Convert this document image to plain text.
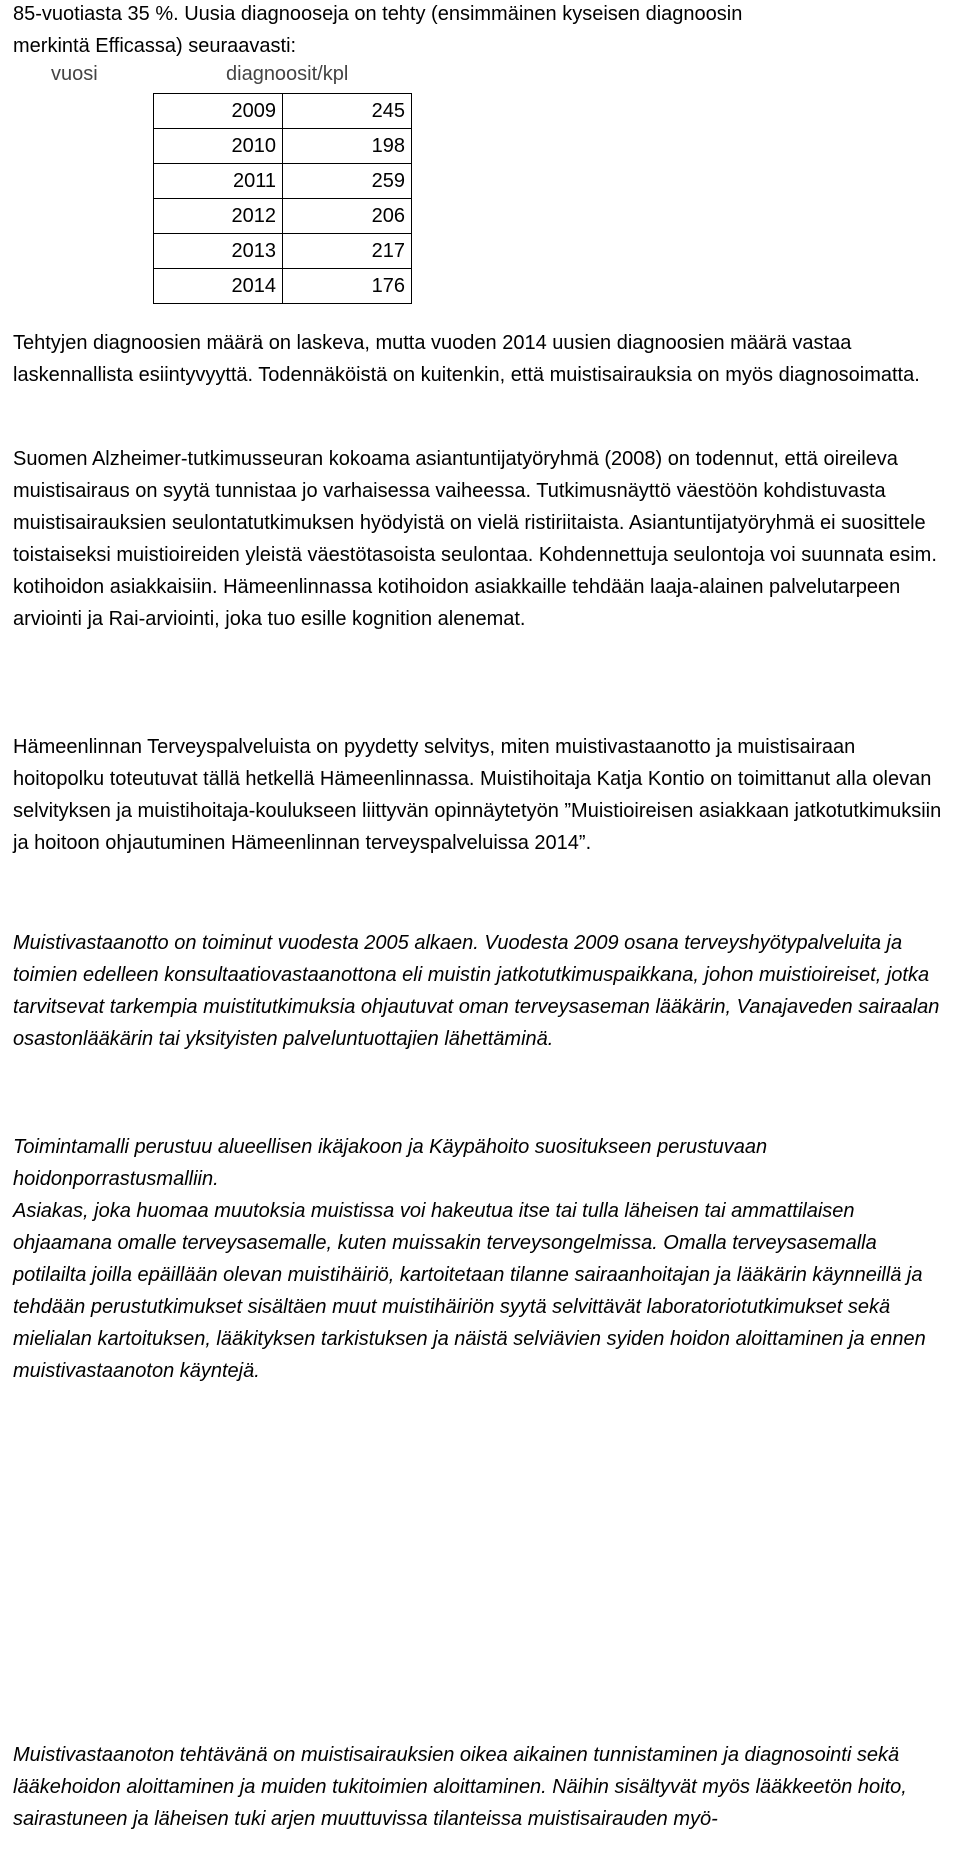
85-vuotiasta 35 %. Uusia diagnooseja on tehty (ensimmäinen kyseisen diagnoosin merkintä Efficassa) seuraavasti:

vuosi	diagnoosit/kpl
2009	245
2010	198
2011	259
2012	206
2013	217
2014	176

Tehtyjen diagnoosien määrä on laskeva, mutta vuoden 2014 uusien diagnoosien määrä vastaa laskennallista esiintyvyyttä. Todennäköistä on kuitenkin, että muistisairauksia on myös diagnosoimatta.

Suomen Alzheimer-tutkimusseuran kokoama asiantuntijatyöryhmä (2008) on todennut, että oireileva muistisairaus on syytä tunnistaa jo varhaisessa vaiheessa. Tutkimusnäyttö väestöön kohdistuvasta muistisairauksien seulontatutkimuksen hyödyistä on vielä ristiriitaista. Asiantuntijatyöryhmä ei suosittele toistaiseksi muistioireiden yleistä väestötasoista seulontaa. Kohdennettuja seulontoja voi suunnata esim. kotihoidon asiakkaisiin. Hämeenlinnassa kotihoidon asiakkaille tehdään laaja-alainen palvelutarpeen arviointi ja Rai-arviointi, joka tuo esille kognition alenemat.

Hämeenlinnan Terveyspalveluista on pyydetty selvitys, miten muistivastaanotto ja muistisairaan hoitopolku toteutuvat tällä hetkellä Hämeenlinnassa. Muistihoitaja Katja Kontio on toimittanut alla olevan selvityksen ja muistihoitaja-koulukseen liittyvän opinnäytetyön ”Muistioireisen asiakkaan jatkotutkimuksiin ja hoitoon ohjautuminen Hämeenlinnan terveyspalveluissa 2014”.

Muistivastaanotto on toiminut vuodesta 2005 alkaen. Vuodesta 2009 osana terveyshyötypalveluita ja toimien edelleen konsultaatiovastaanottona eli muistin jatkotutkimuspaikkana, johon muistioireiset, jotka tarvitsevat tarkempia muistitutkimuksia ohjautuvat oman terveysaseman lääkärin, Vanajaveden sairaalan osastonlääkärin tai yksityisten palveluntuottajien lähettäminä.

Toimintamalli perustuu alueellisen ikäjakoon ja Käypähoito suositukseen perustuvaan hoidonporrastusmalliin.

Asiakas, joka huomaa muutoksia muistissa voi hakeutua itse tai tulla läheisen tai ammattilaisen ohjaamana omalle terveysasemalle, kuten muissakin terveysongelmissa. Omalla terveysasemalla potilailta joilla epäillään olevan muistihäiriö, kartoitetaan tilanne sairaanhoitajan ja lääkärin käynneillä ja tehdään perustutkimukset sisältäen muut muistihäiriön syytä selvittävät laboratoriotutkimukset sekä mielialan kartoituksen, lääkityksen tarkistuksen ja näistä selviävien syiden hoidon aloittaminen ja ennen muistivastaanoton käyntejä.

Muistivastaanoton tehtävänä on muistisairauksien oikea aikainen tunnistaminen ja diagnosointi sekä lääkehoidon aloittaminen ja muiden tukitoimien aloittaminen. Näihin sisältyvät myös lääkkeetön hoito, sairastuneen ja läheisen tuki arjen muuttuvissa tilanteissa muistisairauden myö-
